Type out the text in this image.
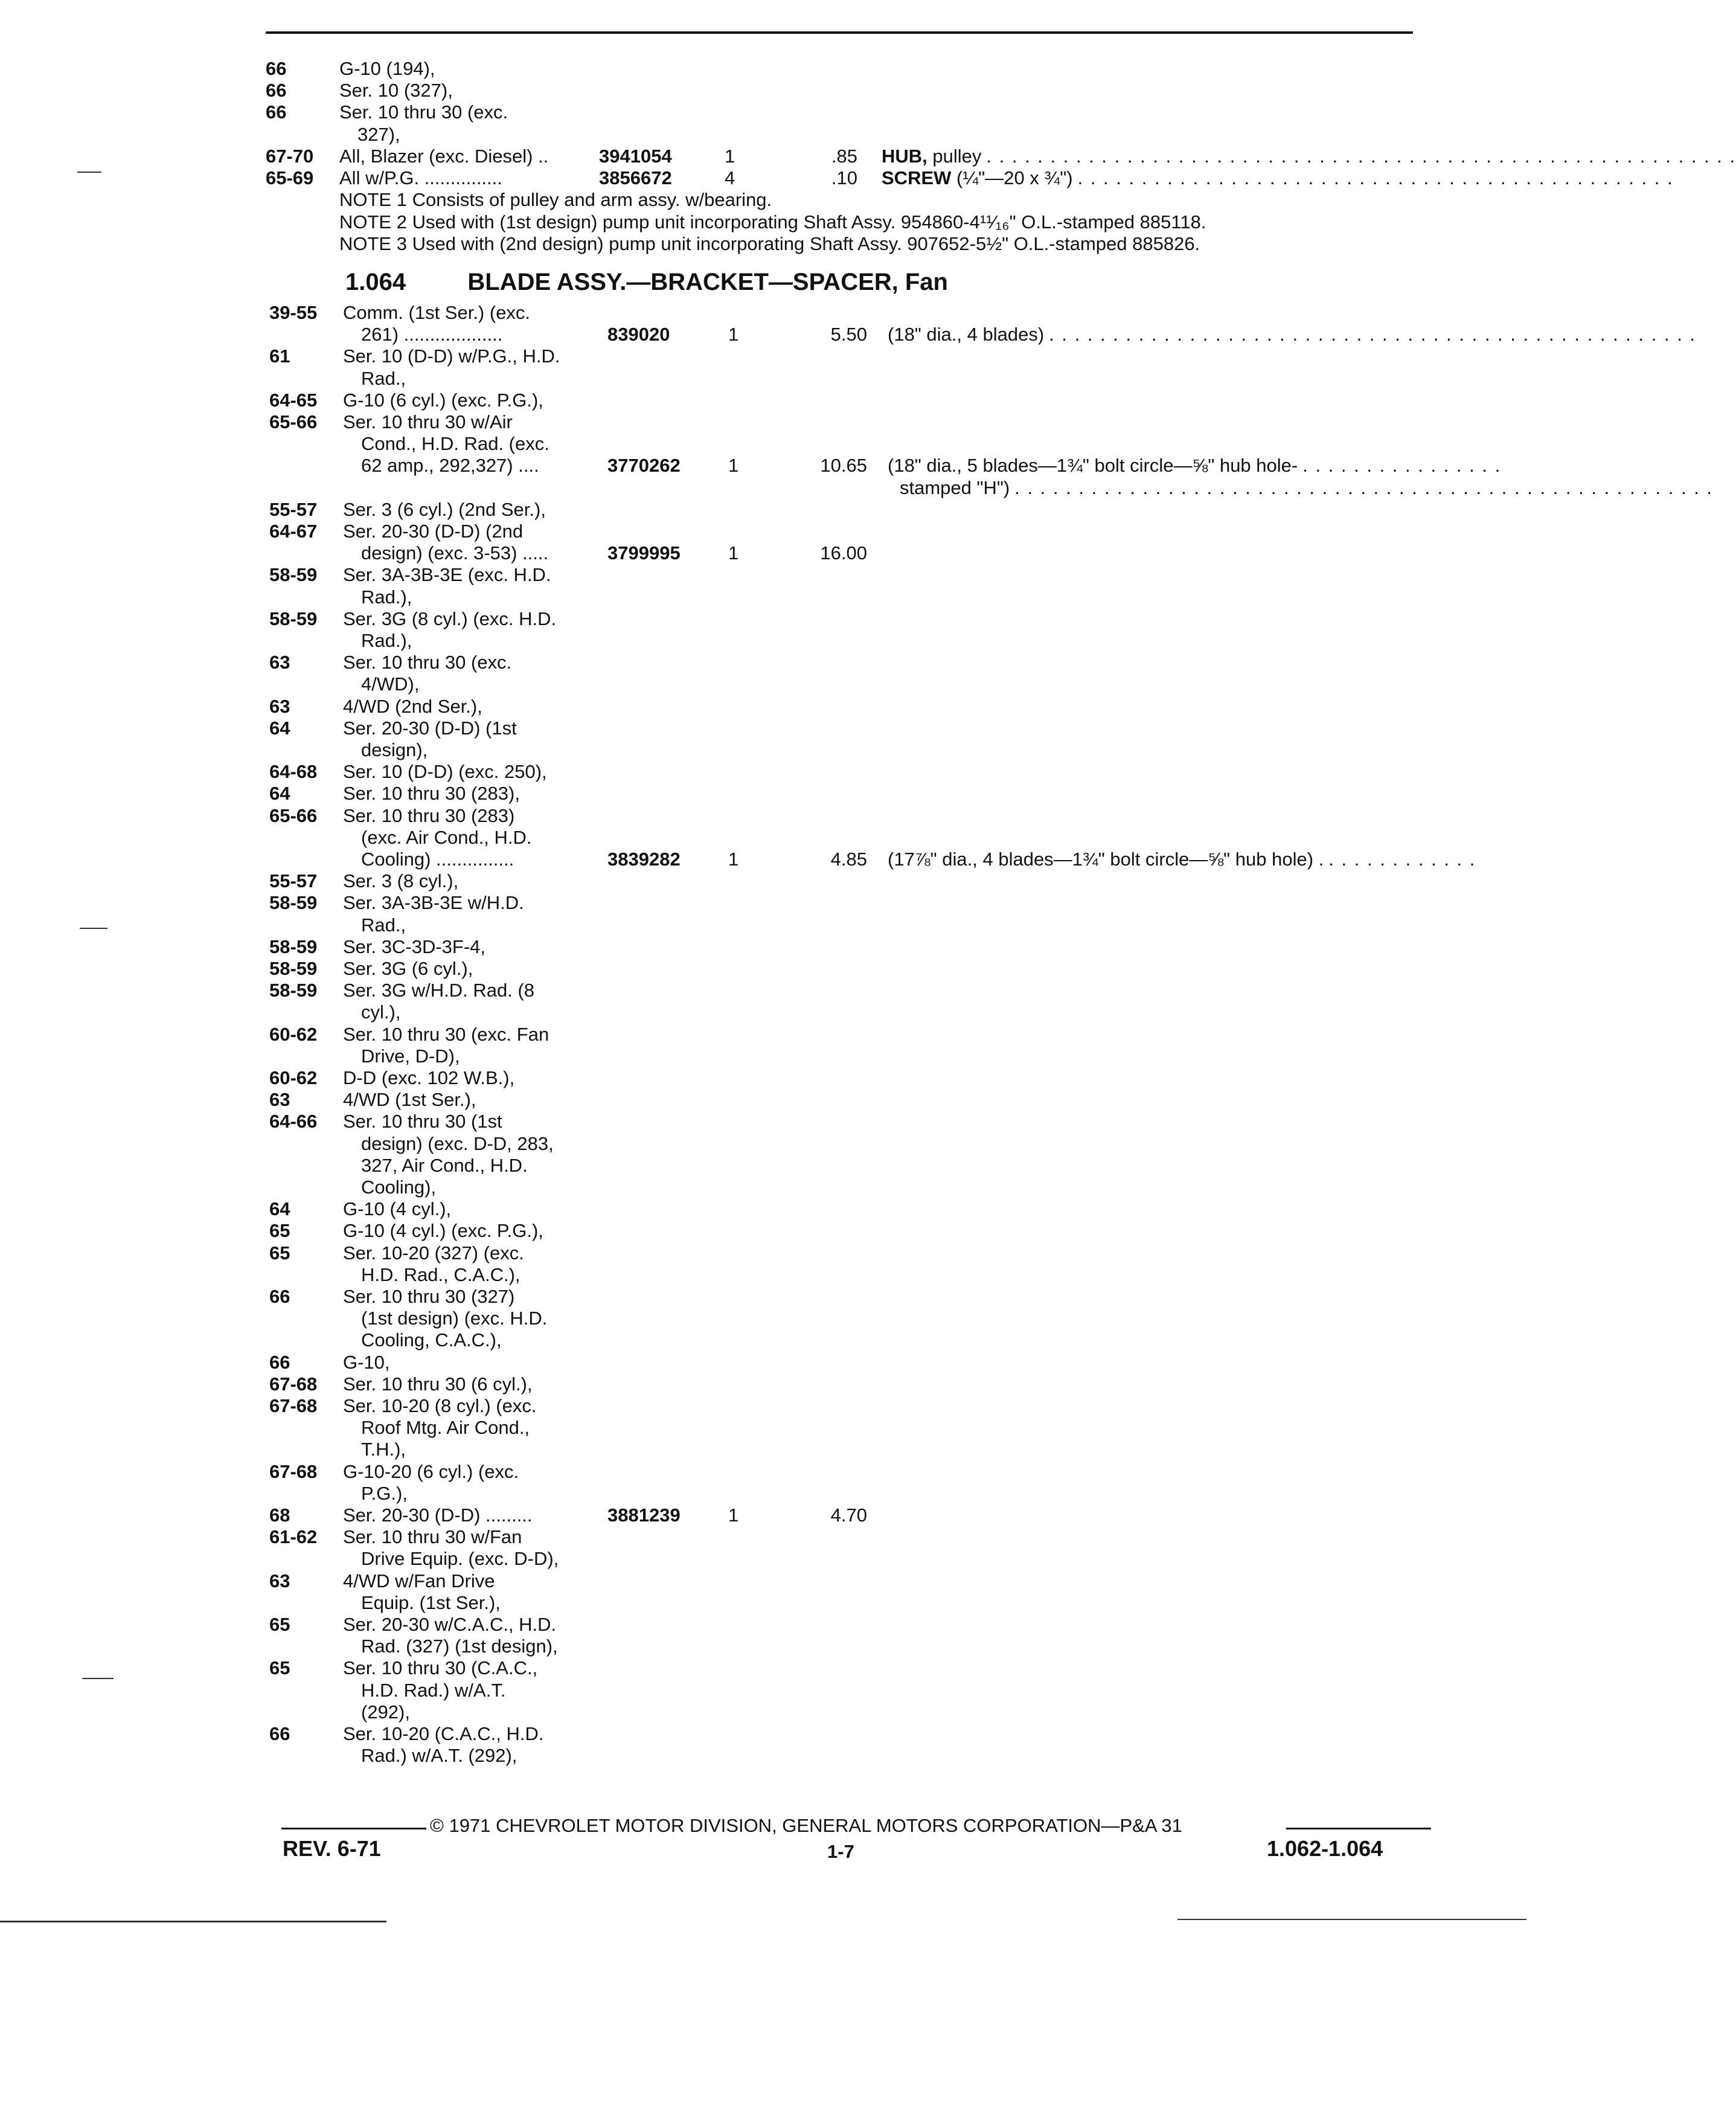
66	G-10 (194),
66	Ser. 10 (327),
66	Ser. 10 thru 30 (exc.
327),
67-70 All, Blazer (exc. Diesel) ..	3941054	1	.85 HUB, pulley
65-69 All w/P.G. ...............	3856672	4	.10 SCREW (¼"—20 x ¾")
. . . . . . . . . . . . . . . . . . . . . . . . . . . . . . . . . . . . . . . . . . . . . . . . . . . . . . . . . . .
. . . . . . . . . . . . . . . . . . . . . . . . . . . . . . . . . . . . . . . . . . . . . . .
NOTE 1 Consists of pulley and arm assy. w/bearing.
NOTE 2 Used with (1st design) pump unit incorporating Shaft Assy. 954860-4¹¹⁄₁₆" O.L.-stamped 885118.
NOTE 3 Used with (2nd design) pump unit incorporating Shaft Assy. 907652-5½" O.L.-stamped 885826.
1.064	BLADE ASSY.—BRACKET—SPACER, Fan
39-55 Comm. (1st Ser.) (exc.
261) ...................	839020	1	5.50 (18" dia., 4 blades)
61	Ser. 10 (D-D) w/P.G., H.D.
Rad.,
64-65 G-10 (6 cyl.) (exc. P.G.),
65-66 Ser. 10 thru 30 w/Air
Cond., H.D. Rad. (exc.
62 amp., 292,327) ....	3770262	1	10.65 (18" dia., 5 blades—1¾" bolt circle—⅝" hub hole-
stamped "H")
55-57 Ser. 3 (6 cyl.) (2nd Ser.),
64-67 Ser. 20-30 (D-D) (2nd
design) (exc. 3-53) .....	3799995	1	16.00
58-59 Ser. 3A-3B-3E (exc. H.D.
Rad.),
58-59 Ser. 3G (8 cyl.) (exc. H.D.
Rad.),
63	Ser. 10 thru 30 (exc.
4/WD),
63	4/WD (2nd Ser.),
64	Ser. 20-30 (D-D) (1st
design),
64-68 Ser. 10 (D-D) (exc. 250),
64	Ser. 10 thru 30 (283),
65-66 Ser. 10 thru 30 (283)
(exc. Air Cond., H.D.
Cooling) ...............	3839282	1	4.85 (17⅞" dia., 4 blades—1¾" bolt circle—⅝" hub hole) .
55-57 Ser. 3 (8 cyl.),
58-59 Ser. 3A-3B-3E w/H.D.
Rad.,
58-59 Ser. 3C-3D-3F-4,
58-59 Ser. 3G (6 cyl.),
58-59 Ser. 3G w/H.D. Rad. (8
cyl.),
60-62 Ser. 10 thru 30 (exc. Fan
Drive, D-D),
60-62 D-D (exc. 102 W.B.),
63	4/WD (1st Ser.),
64-66 Ser. 10 thru 30 (1st
design) (exc. D-D, 283,
327, Air Cond., H.D.
Cooling),
64	G-10 (4 cyl.),
65	G-10 (4 cyl.) (exc. P.G.),
65	Ser. 10-20 (327) (exc.
H.D. Rad., C.A.C.),
66	Ser. 10 thru 30 (327)
(1st design) (exc. H.D.
Cooling, C.A.C.),
66	G-10,
67-68 Ser. 10 thru 30 (6 cyl.),
67-68 Ser. 10-20 (8 cyl.) (exc.
Roof Mtg. Air Cond.,
T.H.),
67-68 G-10-20 (6 cyl.) (exc.
P.G.),
68	Ser. 20-30 (D-D) .........	3881239	1	4.70
61-62 Ser. 10 thru 30 w/Fan
Drive Equip. (exc. D-D),
63	4/WD w/Fan Drive
Equip. (1st Ser.),
65	Ser. 20-30 w/C.A.C., H.D.
Rad. (327) (1st design),
65	Ser. 10 thru 30 (C.A.C.,
H.D. Rad.) w/A.T.
(292),
66	Ser. 10-20 (C.A.C., H.D.
Rad.) w/A.T. (292),
. . . . . . . . . . . . . . . . . . . . . . . . . . . . . . . . . . . . . . . . . . . . . . . . . . .
. . . . . . . . . . . . . . . .
. . . . . . . . . . . . . . . . . . . . . . . . . . . . . . . . . . . . . . . . . . . . . . . . . . . . . . .
. . . . . . . . . . . .
© 1971 CHEVROLET MOTOR DIVISION, GENERAL MOTORS CORPORATION—P&A 31
REV. 6-71	1-7	1.062-1.064
